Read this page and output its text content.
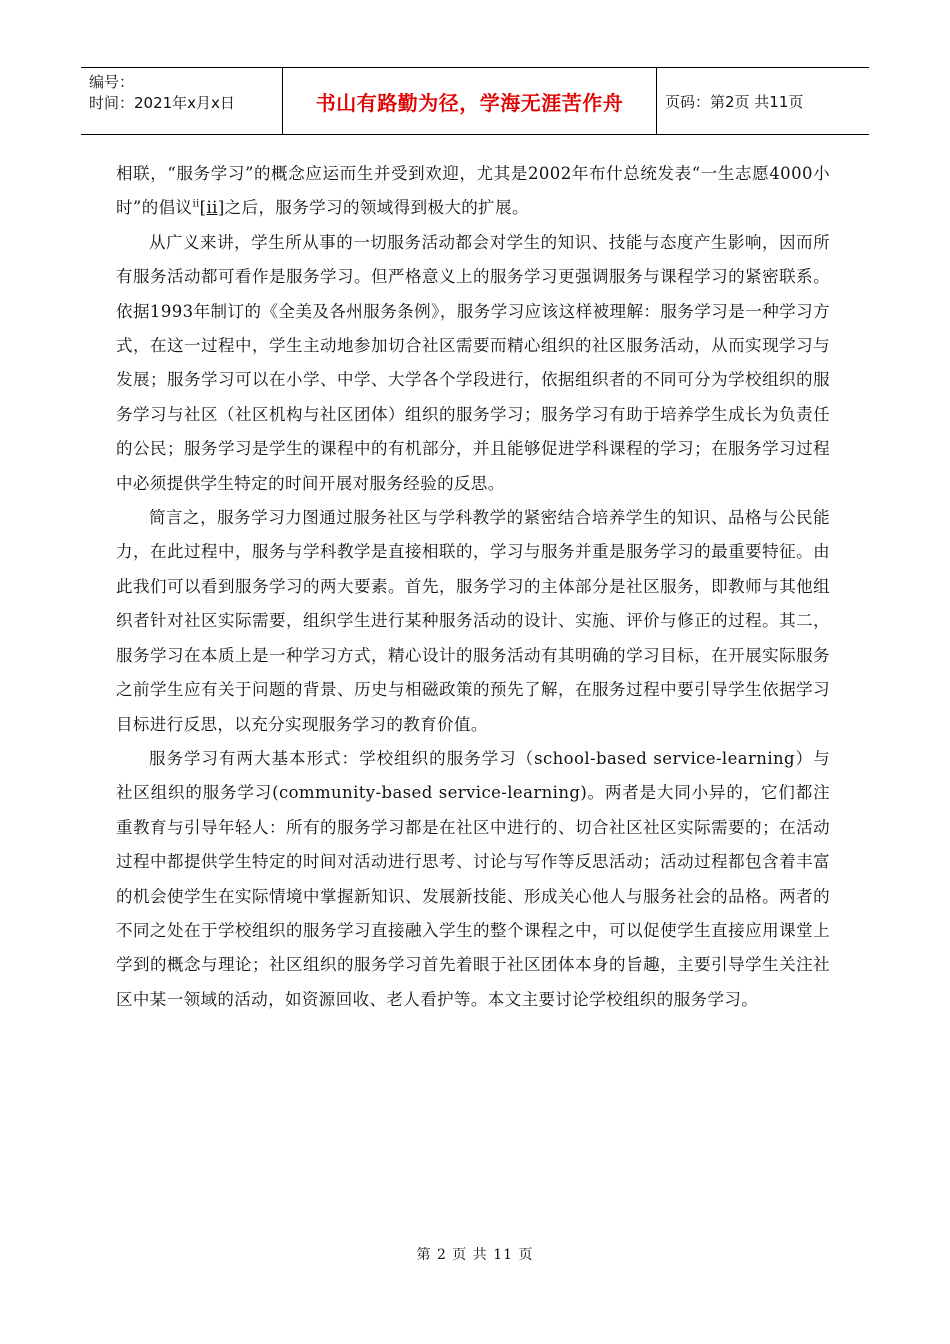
编号：
时间：2021年x月x日	书山有路勤为径，学海无涯苦作舟	页码：第2页 共11页

相联，“服务学习”的概念应运而生并受到欢迎，尤其是2002年布什总统发表“一生志愿4000小时”的倡议$^{ii}$[ii]之后，服务学习的领域得到极大的扩展。

从广义来讲，学生所从事的一切服务活动都会对学生的知识、技能与态度产生影响，因而所有服务活动都可看作是服务学习。但严格意义上的服务学习更强调服务与课程学习的紧密联系。依据1993年制订的《全美及各州服务条例》，服务学习应该这样被理解：服务学习是一种学习方式，在这一过程中，学生主动地参加切合社区需要而精心组织的社区服务活动，从而实现学习与发展；服务学习可以在小学、中学、大学各个学段进行，依据组织者的不同可分为学校组织的服务学习与社区（社区机构与社区团体）组织的服务学习；服务学习有助于培养学生成长为负责任的公民；服务学习是学生的课程中的有机部分，并且能够促进学科课程的学习；在服务学习过程中必须提供学生特定的时间开展对服务经验的反思。

简言之，服务学习力图通过服务社区与学科教学的紧密结合培养学生的知识、品格与公民能力，在此过程中，服务与学科教学是直接相联的，学习与服务并重是服务学习的最重要特征。由此我们可以看到服务学习的两大要素。首先，服务学习的主体部分是社区服务，即教师与其他组织者针对社区实际需要，组织学生进行某种服务活动的设计、实施、评价与修正的过程。其二，服务学习在本质上是一种学习方式，精心设计的服务活动有其明确的学习目标，在开展实际服务之前学生应有关于问题的背景、历史与相磁政策的预先了解，在服务过程中要引导学生依据学习目标进行反思，以充分实现服务学习的教育价值。

服务学习有两大基本形式：学校组织的服务学习（school-based service-learning）与社区组织的服务学习(community-based service-learning)。两者是大同小异的，它们都注重教育与引导年轻人：所有的服务学习都是在社区中进行的、切合社区社区实际需要的；在活动过程中都提供学生特定的时间对活动进行思考、讨论与写作等反思活动；活动过程都包含着丰富的机会使学生在实际情境中掌握新知识、发展新技能、形成关心他人与服务社会的品格。两者的不同之处在于学校组织的服务学习直接融入学生的整个课程之中，可以促使学生直接应用课堂上学到的概念与理论；社区组织的服务学习首先着眼于社区团体本身的旨趣，主要引导学生关注社区中某一领域的活动，如资源回收、老人看护等。本文主要讨论学校组织的服务学习。

第 2 页 共 11 页
